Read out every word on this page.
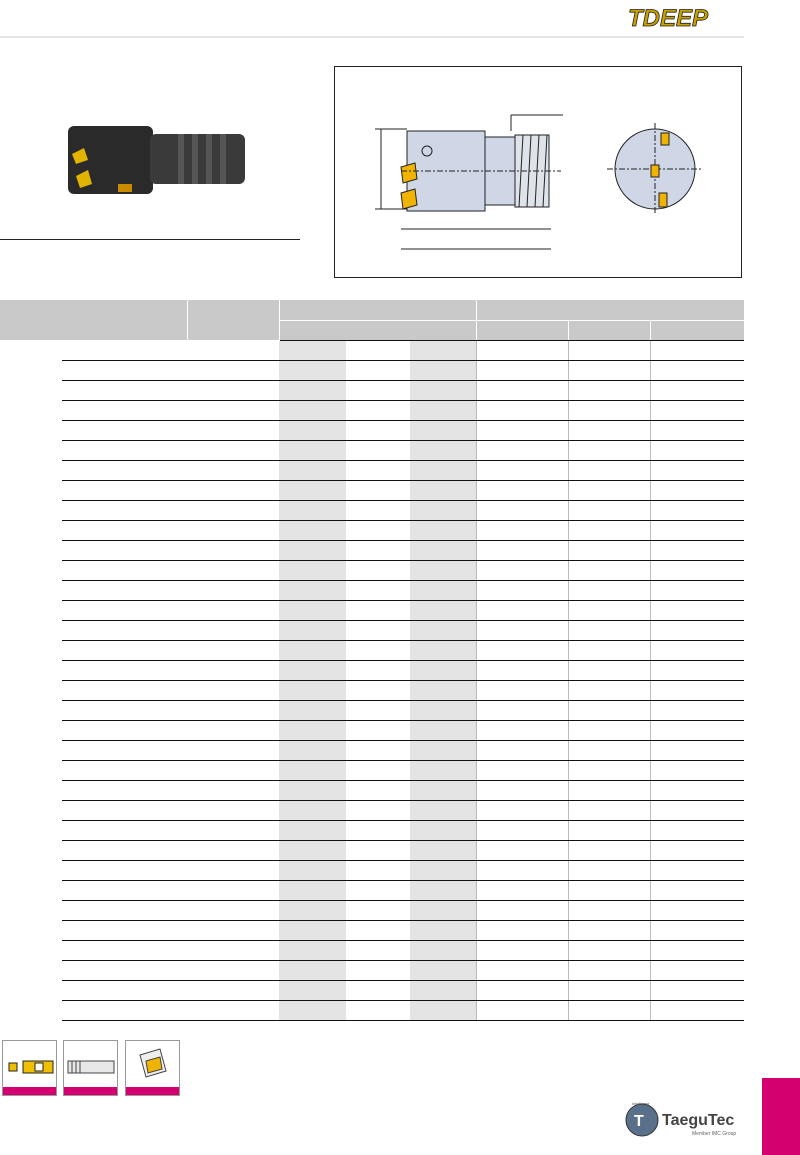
TDEEP

T TaeguTec
Member IMC Group
Intelligent
